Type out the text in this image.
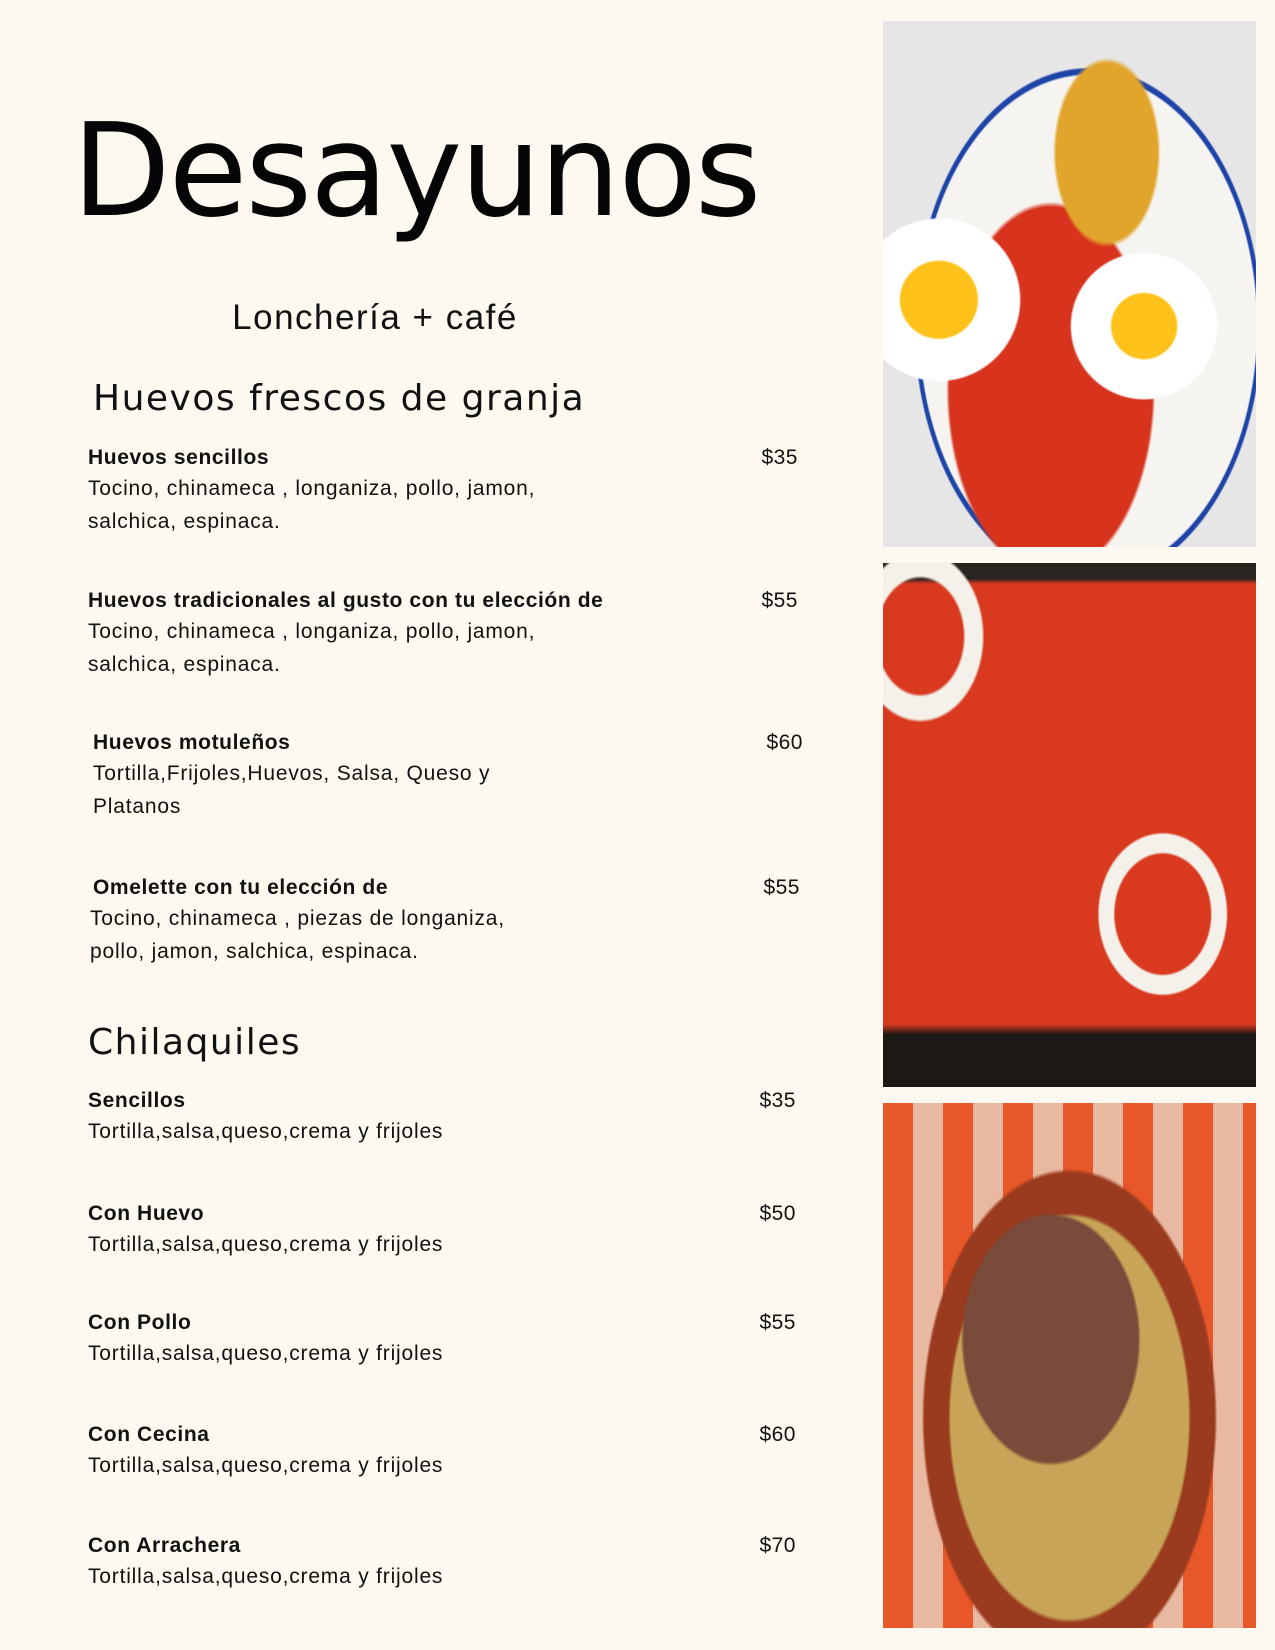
Desayunos
Lonchería + café
Huevos frescos de granja
Huevos sencillos
Tocino, chinameca , longaniza, pollo, jamon, salchica, espinaca.
$35
Huevos tradicionales al gusto con tu elección de
Tocino, chinameca , longaniza, pollo, jamon, salchica, espinaca.
$55
Huevos motuleños
Tortilla,Frijoles,Huevos, Salsa, Queso y Platanos
$60
Omelette con tu elección de
Tocino, chinameca , piezas de longaniza, pollo, jamon, salchica, espinaca.
$55
Chilaquiles
Sencillos
Tortilla,salsa,queso,crema y frijoles
$35
Con Huevo
Tortilla,salsa,queso,crema y frijoles
$50
Con Pollo
Tortilla,salsa,queso,crema y frijoles
$55
Con Cecina
Tortilla,salsa,queso,crema y frijoles
$60
Con Arrachera
Tortilla,salsa,queso,crema y frijoles
$70
